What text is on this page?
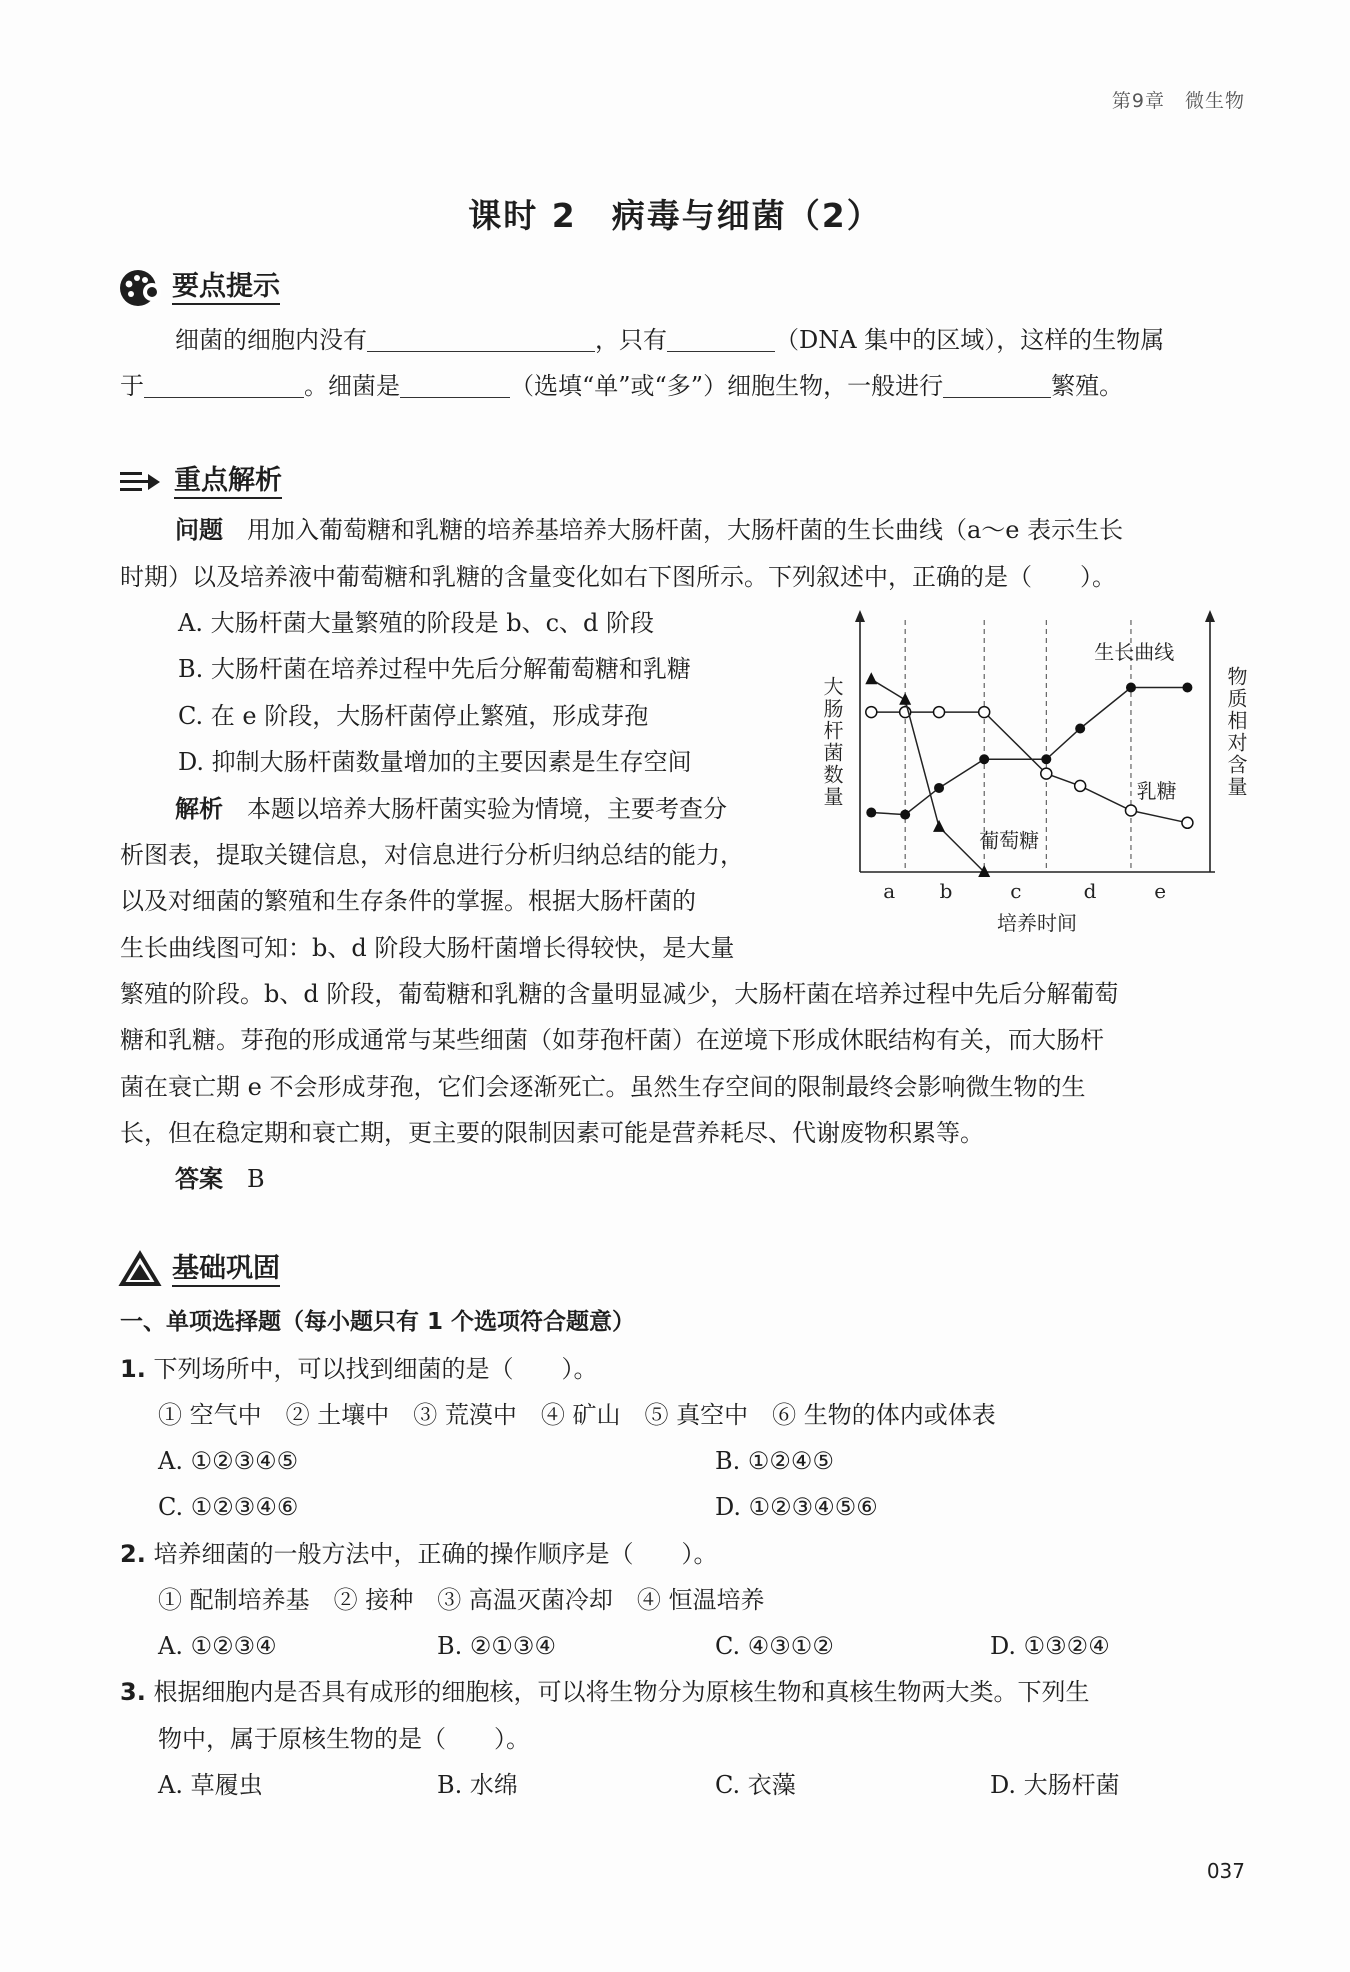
第9章　微生物
课时 2　病毒与细菌（2）
要点提示
细菌的细胞内没有	，只有	（DNA 集中的区域），这样的生物属
于	。细菌是	（选填“单”或“多”）细胞生物，一般进行	繁殖。
重点解析
问题　 用加入葡萄糖和乳糖的培养基培养大肠杆菌，大肠杆菌的生长曲线（a～e 表示生长
时期）以及培养液中葡萄糖和乳糖的含量变化如右下图所示。下列叙述中，正确的是（　　）。
A. 大肠杆菌大量繁殖的阶段是 b、c、d 阶段
B. 大肠杆菌在培养过程中先后分解葡萄糖和乳糖
C. 在 e 阶段，大肠杆菌停止繁殖，形成芽孢
D. 抑制大肠杆菌数量增加的主要因素是生存空间
解析　 本题以培养大肠杆菌实验为情境，主要考查分
析图表，提取关键信息，对信息进行分析归纳总结的能力，
以及对细菌的繁殖和生存条件的掌握。根据大肠杆菌的
生长曲线图可知：b、d 阶段大肠杆菌增长得较快，是大量
繁殖的阶段。b、d 阶段，葡萄糖和乳糖的含量明显减少，大肠杆菌在培养过程中先后分解葡萄
糖和乳糖。芽孢的形成通常与某些细菌（如芽孢杆菌）在逆境下形成休眠结构有关，而大肠杆
菌在衰亡期 e 不会形成芽孢，它们会逐渐死亡。虽然生存空间的限制最终会影响微生物的生
长，但在稳定期和衰亡期，更主要的限制因素可能是营养耗尽、代谢废物积累等。
答案　 B
a b	c	d	e
培养时间
大肠杆菌数量	物质相对含量
生长曲线
乳糖
葡萄糖
基础巩固
一、单项选择题（每小题只有 1 个选项符合题意）
1. 下列场所中，可以找到细菌的是（　　）。
① 空气中　② 土壤中　③ 荒漠中　④ 矿山　⑤ 真空中　⑥ 生物的体内或体表
A. ①②③④⑤	B. ①②④⑤
C. ①②③④⑥	D. ①②③④⑤⑥
2. 培养细菌的一般方法中，正确的操作顺序是（　　）。
① 配制培养基　② 接种　③ 高温灭菌冷却　④ 恒温培养
A. ①②③④	B. ②①③④	C. ④③①②	D. ①③②④
3. 根据细胞内是否具有成形的细胞核，可以将生物分为原核生物和真核生物两大类。下列生
物中，属于原核生物的是（　　）。
A. 草履虫	B. 水绵	C. 衣藻	D. 大肠杆菌
037
